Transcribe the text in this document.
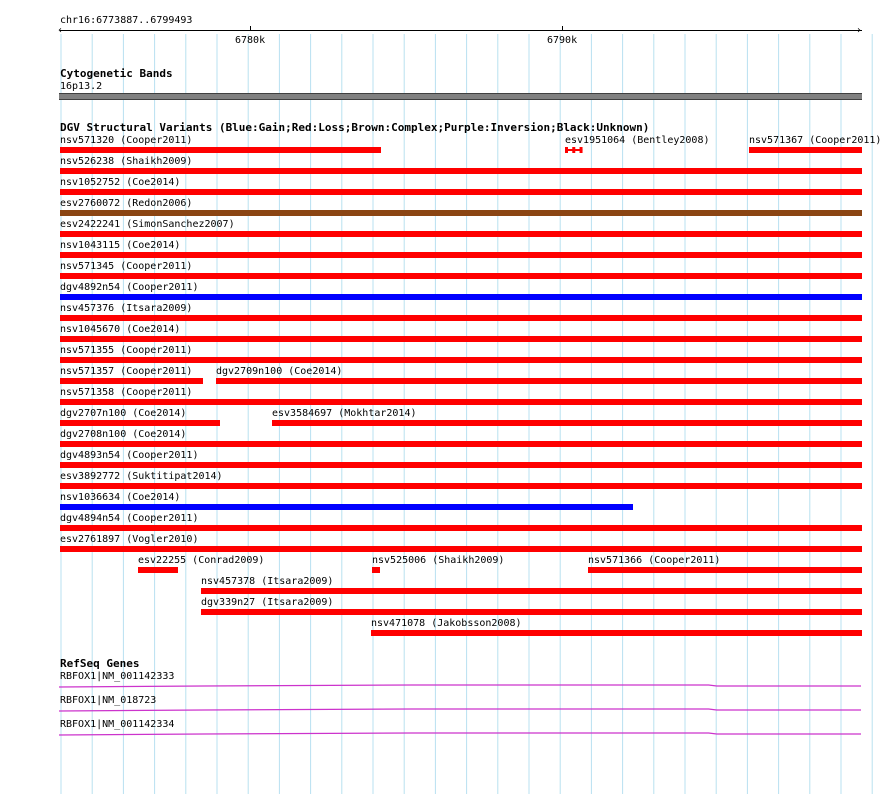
chr16:6773887..6799493
‹	›
6780k	6790k
Cytogenetic Bands
16p13.2
DGV Structural Variants (Blue:Gain;Red:Loss;Brown:Complex;Purple:Inversion;Black:Unknown)
nsv571320 (Cooper2011)	esv1951064 (Bentley2008)	nsv571367 (Cooper2011)
nsv526238 (Shaikh2009)
nsv1052752 (Coe2014)
esv2760072 (Redon2006)
esv2422241 (SimonSanchez2007)
nsv1043115 (Coe2014)
nsv571345 (Cooper2011)
dgv4892n54 (Cooper2011)
nsv457376 (Itsara2009)
nsv1045670 (Coe2014)
nsv571355 (Cooper2011)
nsv571357 (Cooper2011) dgv2709n100 (Coe2014)
nsv571358 (Cooper2011)
dgv2707n100 (Coe2014)	esv3584697 (Mokhtar2014)
dgv2708n100 (Coe2014)
dgv4893n54 (Cooper2011)
esv3892772 (Suktitipat2014)
nsv1036634 (Coe2014)
dgv4894n54 (Cooper2011)
esv2761897 (Vogler2010)
esv22255 (Conrad2009)	nsv525006 (Shaikh2009)	nsv571366 (Cooper2011)
nsv457378 (Itsara2009)
dgv339n27 (Itsara2009)
nsv471078 (Jakobsson2008)
RefSeq Genes
RBFOX1|NM_001142333
RBFOX1|NM_018723
RBFOX1|NM_001142334
